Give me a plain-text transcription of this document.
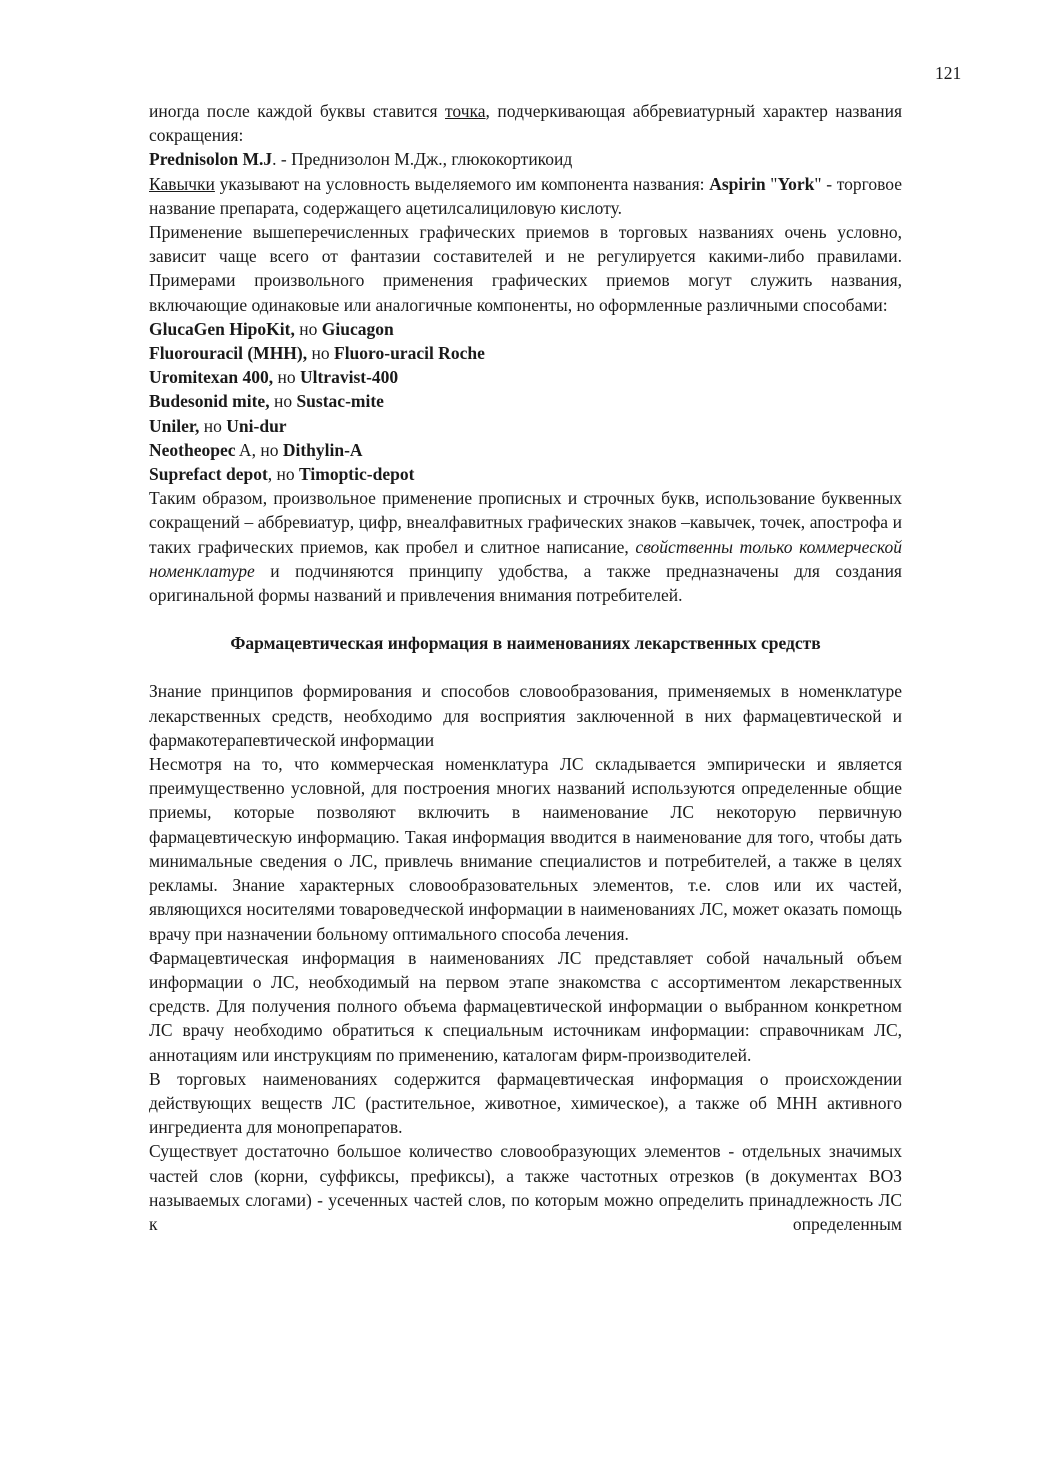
121

иногда после каждой буквы ставится точка, подчеркивающая аббревиатурный характер названия сокращения:

Prednisolon M.J. - Преднизолон М.Дж., глюкокортикоид

Кавычки указывают на условность выделяемого им компонента названия: Aspirin "York" - торговое название препарата, содержащего ацетилсалициловую кислоту.

Применение вышеперечисленных графических приемов в торговых названиях очень условно, зависит чаще всего от фантазии составителей и не регулируется какими-либо правилами. Примерами произвольного применения графических приемов могут служить названия, включающие одинаковые или аналогичные компоненты, но оформленные различными способами:

GlucaGen HipoKit, но Giucagon

Fluorouracil (МНН), но Fluoro-uracil Roche

Uromitexan 400, но Ultravist-400

Budesonid mite, но Sustac-mite

Uniler, но Uni-dur

Neotheopec A, но Dithylin-A

Suprefact depot, но Timoptic-depot

Таким образом, произвольное применение прописных и строчных букв, использование буквенных сокращений – аббревиатур, цифр, внеалфавитных графических знаков –кавычек, точек, апострофа и таких графических приемов, как пробел и слитное написание, свойственны только коммерческой номенклатуре и подчиняются принципу удобства, а также предназначены для создания оригинальной формы названий и привлечения внимания потребителей.

Фармацевтическая информация в наименованиях лекарственных средств

Знание принципов формирования и способов словообразования, применяемых в номенклатуре лекарственных средств, необходимо для восприятия заключенной в них фармацевтической и фармакотерапевтической информации

Несмотря на то, что коммерческая номенклатура ЛС складывается эмпирически и является преимущественно условной, для построения многих названий используются определенные общие приемы, которые позволяют включить в наименование ЛС некоторую первичную фармацевтическую информацию. Такая информация вводится в наименование для того, чтобы дать минимальные сведения о ЛС, привлечь внимание специалистов и потребителей, а также в целях рекламы. Знание характерных словообразовательных элементов, т.е. слов или их частей, являющихся носителями товароведческой информации в наименованиях ЛС, может оказать помощь врачу при назначении больному оптимального способа лечения.

Фармацевтическая информация в наименованиях ЛС представляет собой начальный объем информации о ЛС, необходимый на первом этапе знакомства с ассортиментом лекарственных средств. Для получения полного объема фармацевтической информации о выбранном конкретном ЛС врачу необходимо обратиться к специальным источникам информации: справочникам ЛС, аннотациям или инструкциям по применению, каталогам фирм-производителей.

В торговых наименованиях содержится фармацевтическая информация о происхождении действующих веществ ЛС (растительное, животное, химическое), а также об МНН активного ингредиента для монопрепаратов.

Существует достаточно большое количество словообразующих элементов - отдельных значимых частей слов (корни, суффиксы, префиксы), а также частотных отрезков (в документах ВОЗ называемых слогами) - усеченных частей слов, по которым можно определить принадлежность ЛС к определенным
